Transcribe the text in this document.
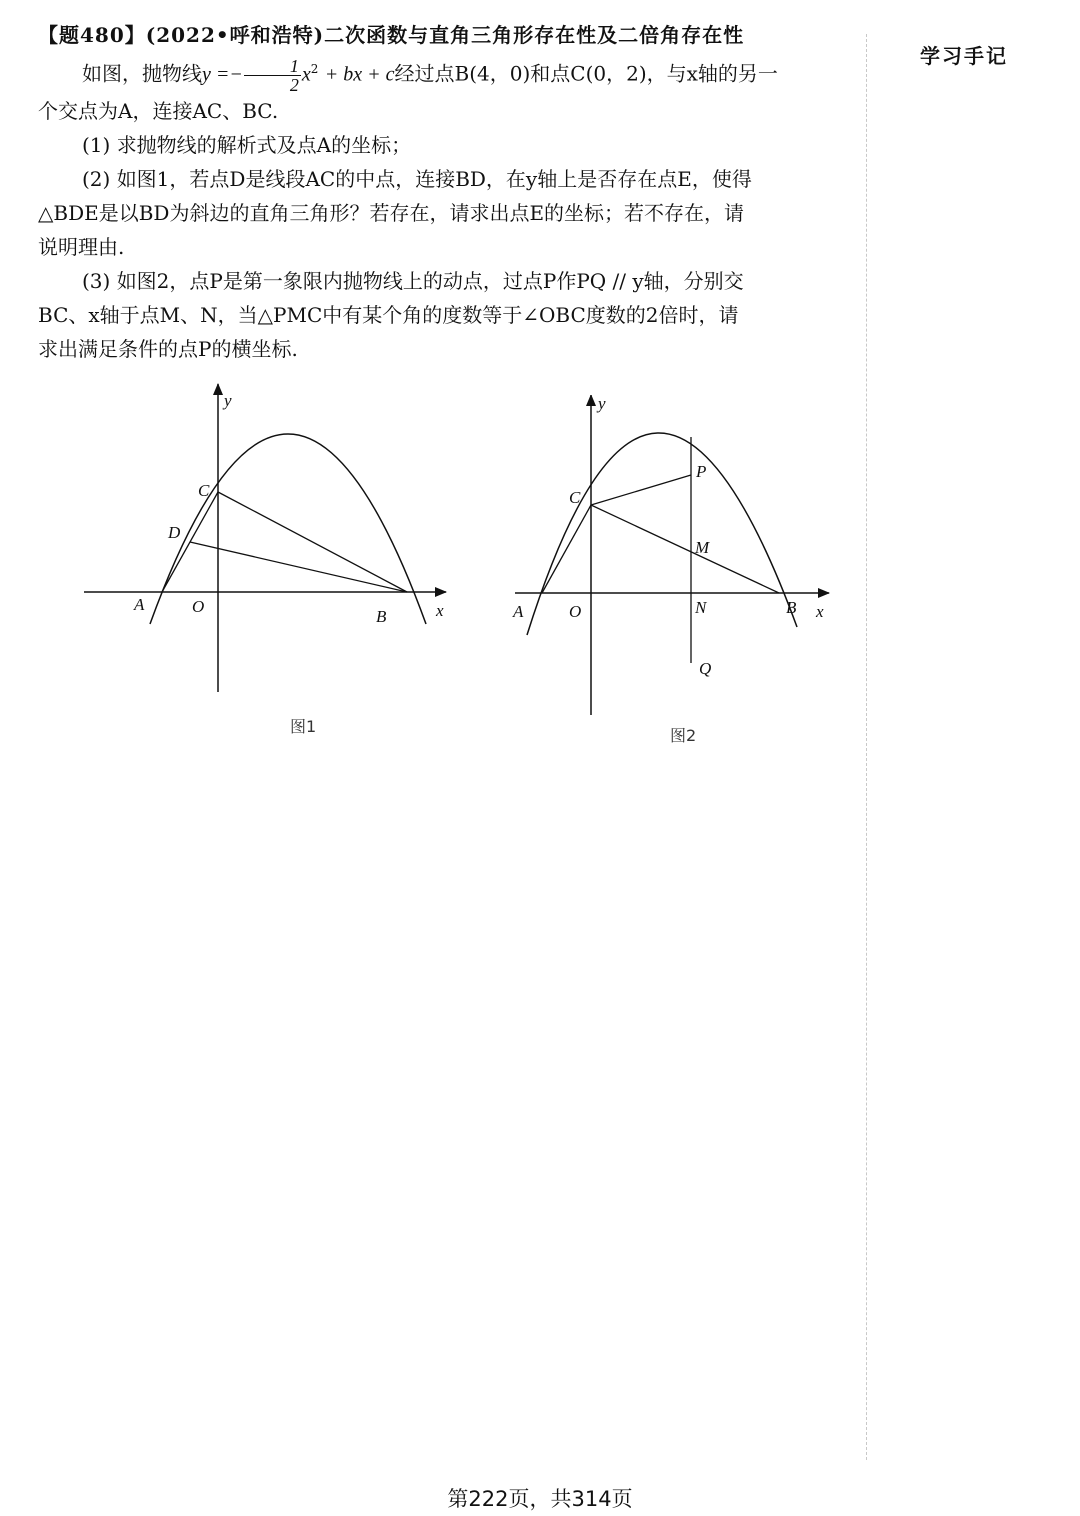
学习手记
【题480】(2022•呼和浩特)二次函数与直角三角形存在性及二倍角存在性

如图，抛物线$y =- \frac{1}{2} x^2$ + bx + c经过点B(4，0)和点C(0，2)，与x轴的另一

个交点为A，连接AC、BC.

(1) 求抛物线的解析式及点A的坐标；

(2) 如图1，若点D是线段AC的中点，连接BD，在y轴上是否存在点E，使得

△BDE是以BD为斜边的直角三角形？若存在，请求出点E的坐标；若不存在，请

说明理由.

(3) 如图2，点P是第一象限内抛物线上的动点，过点P作PQ // y轴，分别交

BC、x轴于点M、N，当△PMC中有某个角的度数等于∠OBC度数的2倍时，请

求出满足条件的点P的横坐标.

y
x
C
D
A	O
B
图1
y
x
C
P
M
A	O	N	B
Q
图2
第222页，共314页
